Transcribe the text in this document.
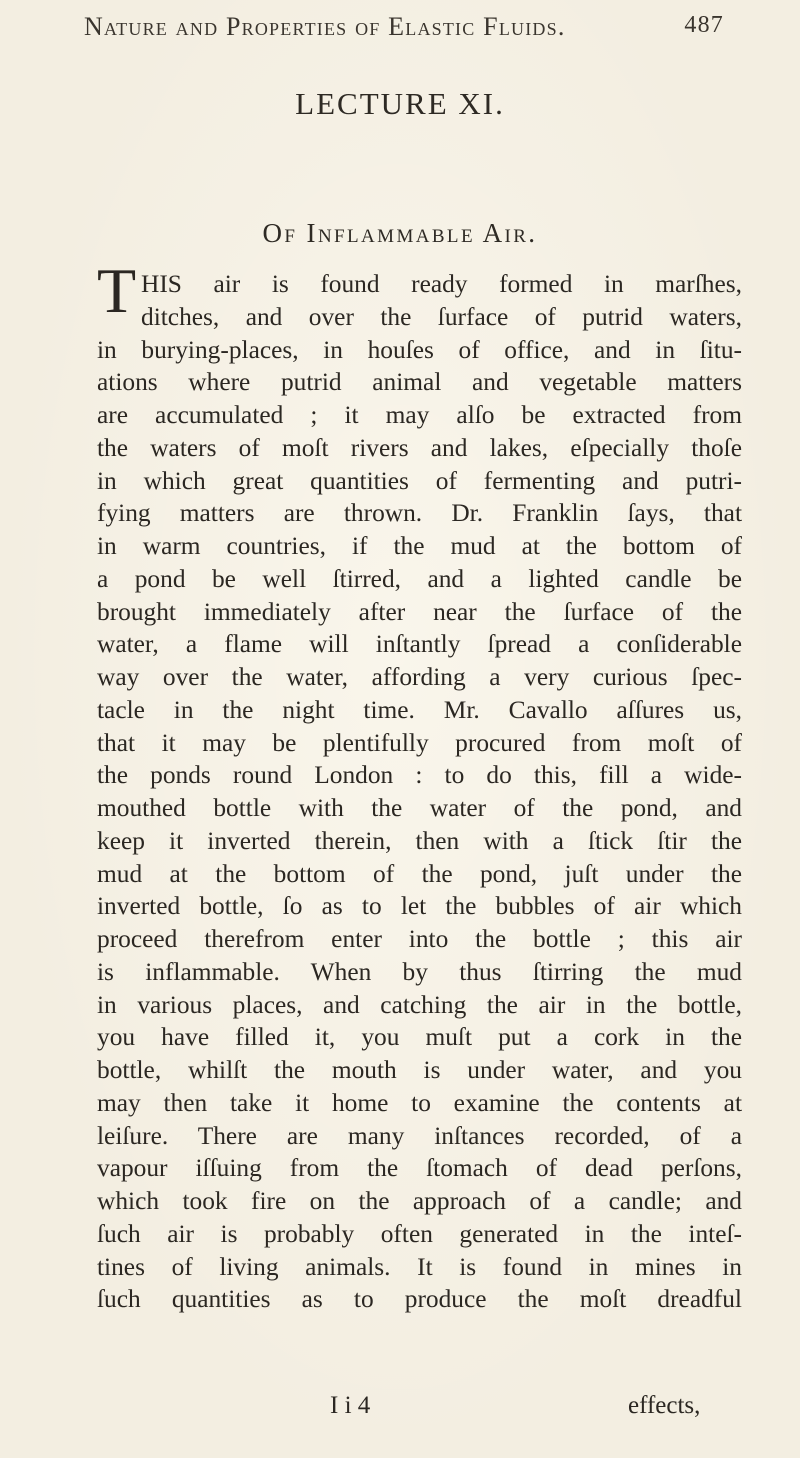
Nature and Properties of Elastic Fluids.	487
LECTURE XI.
Of Inflammable Air.
T HIS air is found ready formed in marſhes,
ditches, and over the ſurface of putrid waters,
in burying-places, in houſes of office, and in ſitu-
ations where putrid animal and vegetable matters
are accumulated ; it may alſo be extracted from
the waters of moſt rivers and lakes, eſpecially thoſe
in which great quantities of fermenting and putri-
fying matters are thrown. Dr. Franklin ſays, that
in warm countries, if the mud at the bottom of
a pond be well ſtirred, and a lighted candle be
brought immediately after near the ſurface of the
water, a flame will inſtantly ſpread a conſiderable
way over the water, affording a very curious ſpec-
tacle in the night time. Mr. Cavallo aſſures us,
that it may be plentifully procured from moſt of
the ponds round London : to do this, fill a wide-
mouthed bottle with the water of the pond, and
keep it inverted therein, then with a ſtick ſtir the
mud at the bottom of the pond, juſt under the
inverted bottle, ſo as to let the bubbles of air which
proceed therefrom enter into the bottle ; this air
is inflammable. When by thus ſtirring the mud
in various places, and catching the air in the bottle,
you have filled it, you muſt put a cork in the
bottle, whilſt the mouth is under water, and you
may then take it home to examine the contents at
leiſure. There are many inſtances recorded, of a
vapour iſſuing from the ſtomach of dead perſons,
which took fire on the approach of a candle; and
ſuch air is probably often generated in the inteſ-
tines of living animals. It is found in mines in
ſuch quantities as to produce the moſt dreadful
I i 4	effects,
